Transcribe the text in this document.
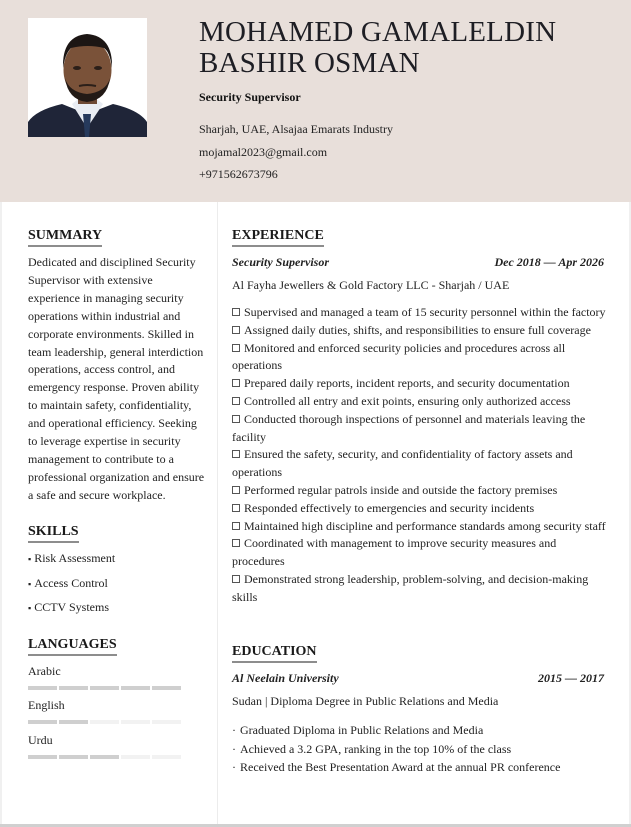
MOHAMED GAMALELDIN
BASHIR OSMAN
Security Supervisor
Sharjah, UAE, Alsajaa Emarats Industry
mojamal2023@gmail.com
+971562673796
SUMMARY
Dedicated and disciplined Security Supervisor with extensive experience in managing security operations within industrial and corporate environments. Skilled in team leadership, general interdiction operations, access control, and emergency response. Proven ability to maintain safety, confidentiality, and operational efficiency. Seeking to leverage expertise in security management to contribute to a professional organization and ensure a safe and secure workplace.
SKILLS
▪ Risk Assessment
▪ Access Control
▪ CCTV Systems
LANGUAGES
Arabic
English
Urdu
EXPERIENCE
Security Supervisor	Dec 2018 — Apr 2026
Al Fayha Jewellers & Gold Factory LLC - Sharjah / UAE
Supervised and managed a team of 15 security personnel within the factory
Assigned daily duties, shifts, and responsibilities to ensure full coverage
Monitored and enforced security policies and procedures across all operations
Prepared daily reports, incident reports, and security documentation
Controlled all entry and exit points, ensuring only authorized access
Conducted thorough inspections of personnel and materials leaving the facility
Ensured the safety, security, and confidentiality of factory assets and operations
Performed regular patrols inside and outside the factory premises
Responded effectively to emergencies and security incidents
Maintained high discipline and performance standards among security staff
Coordinated with management to improve security measures and procedures
Demonstrated strong leadership, problem-solving, and decision-making skills
EDUCATION
Al Neelain University	2015 — 2017
Sudan | Diploma Degree in Public Relations and Media
· Graduated Diploma in Public Relations and Media
· Achieved a 3.2 GPA, ranking in the top 10% of the class
· Received the Best Presentation Award at the annual PR conference
